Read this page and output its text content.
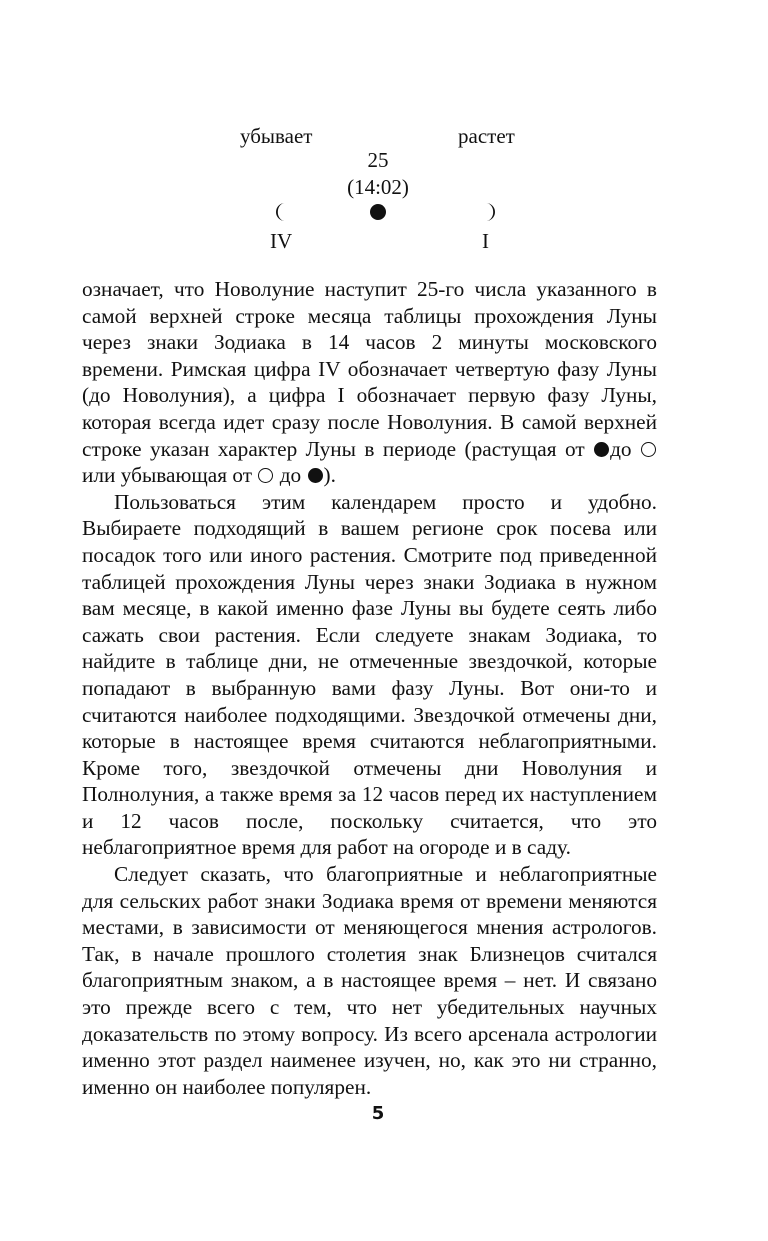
убывает	растет
25
(14:02)
IV	I

означает, что Новолуние наступит 25-го числа указанного в самой верхней строке месяца таблицы прохождения Луны через знаки Зодиака в 14 часов 2 минуты московского времени. Римская цифра IV обозначает четвертую фазу Луны (до Новолуния), а цифра I обозначает первую фазу Луны, которая всегда идет сразу после Новолуния. В самой верхней строке указан характер Луны в периоде (растущая от до  или убывающая от  до ).

Пользоваться этим календарем просто и удобно. Выбираете подходящий в вашем регионе срок посева или посадок того или иного растения. Смотрите под приведенной таблицей прохождения Луны через знаки Зодиака в нужном вам месяце, в какой именно фазе Луны вы будете сеять либо сажать свои растения. Если следуете знакам Зодиака, то найдите в таблице дни, не отмеченные звездочкой, которые попадают в выбранную вами фазу Луны. Вот они-то и считаются наиболее подходящими. Звездочкой отмечены дни, которые в настоящее время считаются неблагоприятными. Кроме того, звездочкой отмечены дни Новолуния и Полнолуния, а также время за 12 часов перед их наступлением и 12 часов после, поскольку считается, что это неблагоприятное время для работ на огороде и в саду.

Следует сказать, что благоприятные и неблагоприятные для сельских работ знаки Зодиака время от времени меняются местами, в зависимости от меняющегося мнения астрологов. Так, в начале прошлого столетия знак Близнецов считался благоприятным знаком, а в настоящее время – нет. И связано это прежде всего с тем, что нет убедительных научных доказательств по этому вопросу. Из всего арсенала астрологии именно этот раздел наименее изучен, но, как это ни странно, именно он наиболее популярен.

5
